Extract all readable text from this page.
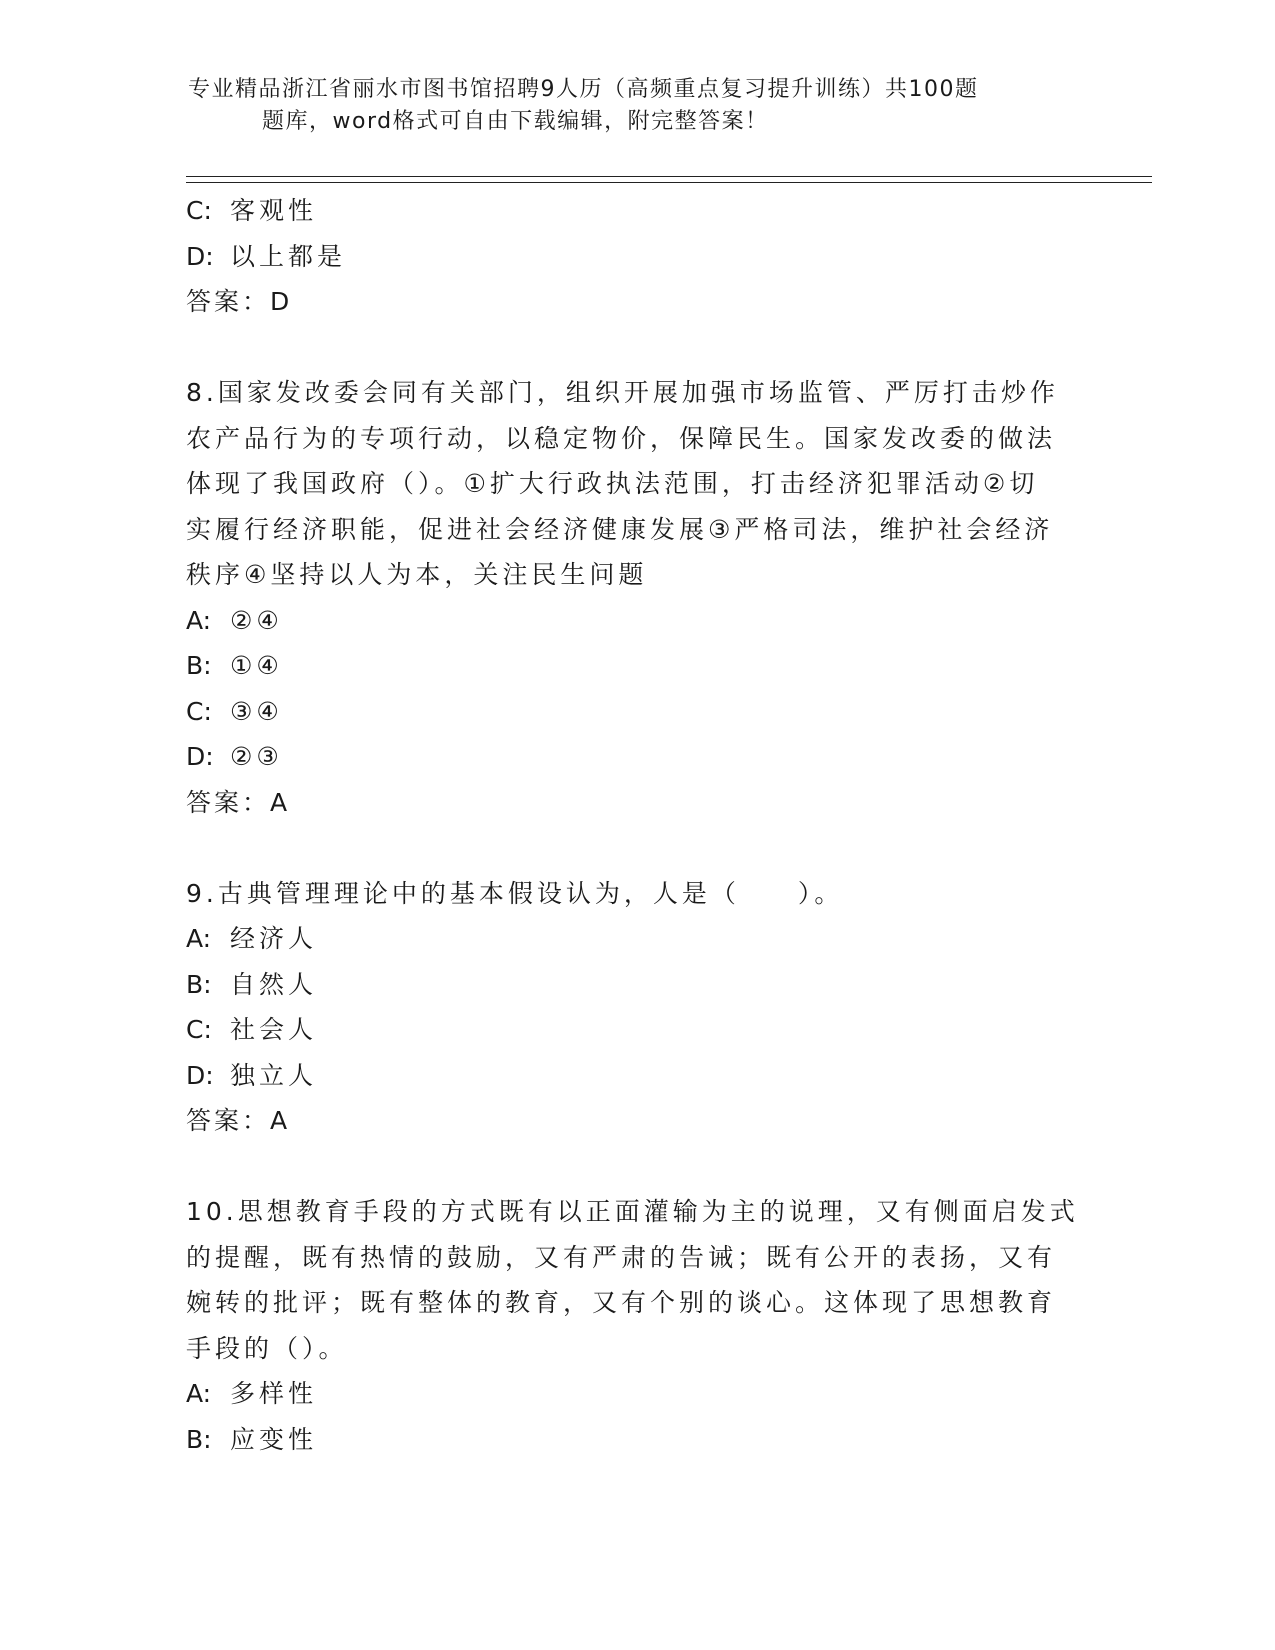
专业精品浙江省丽水市图书馆招聘9人历（高频重点复习提升训练）共100题
题库，word格式可自由下载编辑，附完整答案！
C: 客观性
D: 以上都是
答案：D
8.国家发改委会同有关部门，组织开展加强市场监管、严厉打击炒作
农产品行为的专项行动，以稳定物价，保障民生。国家发改委的做法
体现了我国政府（）。①扩大行政执法范围，打击经济犯罪活动②切
实履行经济职能，促进社会经济健康发展③严格司法，维护社会经济
秩序④坚持以人为本，关注民生问题
A: ②④
B: ①④
C: ③④
D: ②③
答案：A
9.古典管理理论中的基本假设认为，人是（　　）。
A: 经济人
B: 自然人
C: 社会人
D: 独立人
答案：A
10.思想教育手段的方式既有以正面灌输为主的说理，又有侧面启发式
的提醒，既有热情的鼓励，又有严肃的告诫；既有公开的表扬，又有
婉转的批评；既有整体的教育，又有个别的谈心。这体现了思想教育
手段的（）。
A: 多样性
B: 应变性
